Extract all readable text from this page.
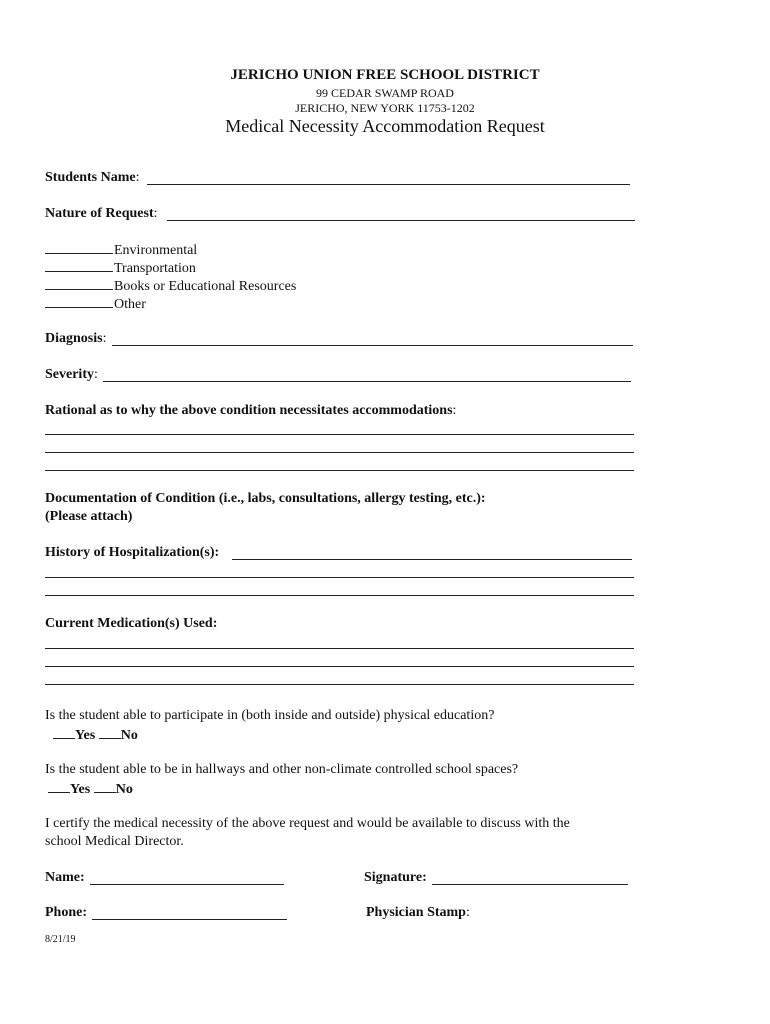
JERICHO UNION FREE SCHOOL DISTRICT
99 CEDAR SWAMP ROAD
JERICHO, NEW YORK 11753-1202
Medical Necessity Accommodation Request
Students Name:
Nature of Request:
Environmental
Transportation
Books or Educational Resources
Other
Diagnosis:
Severity:
Rational as to why the above condition necessitates accommodations:
Documentation of Condition (i.e., labs, consultations, allergy testing, etc.):
(Please attach)
History of Hospitalization(s):
Current Medication(s) Used:
Is the student able to participate in (both inside and outside) physical education?
Yes No
Is the student able to be in hallways and other non-climate controlled school spaces?
Yes No
I certify the medical necessity of the above request and would be available to discuss with the
school Medical Director.
Name:	Signature:
Phone:	Physician Stamp:
8/21/19
